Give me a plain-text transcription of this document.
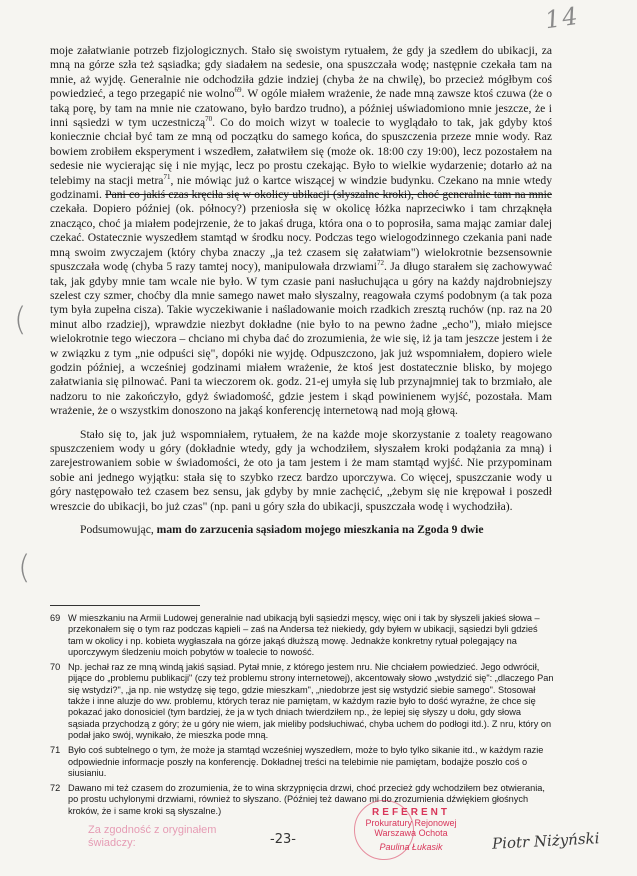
14

moje załatwianie potrzeb fizjologicznych. Stało się swoistym rytuałem, że gdy ja szedłem do ubikacji, za mną na górze szła też sąsiadka; gdy siadałem na sedesie, ona spuszczała wodę; następnie czekała tam na mnie, aż wyjdę. Generalnie nie odchodziła gdzie indziej (chyba że na chwilę), bo przecież mógłbym coś powiedzieć, a tego przegapić nie wolno$^{69}$. W ogóle miałem wrażenie, że nade mną zawsze ktoś czuwa (że o taką porę, by tam na mnie nie czatowano, było bardzo trudno), a później uświadomiono mnie jeszcze, że i inni sąsiedzi w tym uczestniczą$^{70}$. Co do moich wizyt w toalecie to wyglądało to tak, jak gdyby ktoś koniecznie chciał być tam ze mną od początku do samego końca, do spuszczenia przeze mnie wody. Raz bowiem zrobiłem eksperyment i wszedłem, załatwiłem się (może ok. 18:00 czy 19:00), lecz pozostałem na sedesie nie wycierając się i nie myjąc, lecz po prostu czekając. Było to wielkie wydarzenie; dotarło aż na telebimy na stacji metra$^{71}$, nie mówiąc już o kartce wiszącej w windzie budynku. Czekano na mnie wtedy godzinami. Pani co jakiś czas kręciła się w okolicy ubikacji (słyszalne kroki), choć generalnie tam na mnie czekała. Dopiero później (ok. północy?) przeniosła się w okolicę łóżka naprzeciwko i tam chrząknęła znacząco, choć ja miałem podejrzenie, że to jakaś druga, która ona o to poprosiła, sama mając zamiar dalej czekać. Ostatecznie wyszedłem stamtąd w środku nocy. Podczas tego wielogodzinnego czekania pani nade mną swoim zwyczajem (który chyba znaczy „ja też czasem się załatwiam") wielokrotnie bezsensownie spuszczała wodę (chyba 5 razy tamtej nocy), manipulowała drzwiami$^{72}$. Ja długo starałem się zachowywać tak, jak gdyby mnie tam wcale nie było. W tym czasie pani nasłuchująca u góry na każdy najdrobniejszy szelest czy szmer, choćby dla mnie samego nawet mało słyszalny, reagowała czymś podobnym (a tak poza tym była zupełna cisza). Takie wyczekiwanie i naśladowanie moich rzadkich zresztą ruchów (np. raz na 20 minut albo rzadziej), wprawdzie niezbyt dokładne (nie było to na pewno żadne „echo"), miało miejsce wielokrotnie tego wieczora – chciano mi chyba dać do zrozumienia, że wie się, iż ja tam jeszcze jestem i że w związku z tym „nie odpuści się", dopóki nie wyjdę. Odpuszczono, jak już wspomniałem, dopiero wiele godzin później, a wcześniej godzinami miałem wrażenie, że ktoś jest dostatecznie blisko, by mojego załatwiania się pilnować. Pani ta wieczorem ok. godz. 21-ej umyła się lub przynajmniej tak to brzmiało, ale nadzoru to nie zakończyło, gdyż świadomość, gdzie jestem i skąd powinienem wyjść, pozostała. Mam wrażenie, że o wszystkim donoszono na jakąś konferencję internetową nad moją głową.

Stało się to, jak już wspomniałem, rytuałem, że na każde moje skorzystanie z toalety reagowano spuszczeniem wody u góry (dokładnie wtedy, gdy ja wchodziłem, słyszałem kroki podążania za mną) i zarejestrowaniem sobie w świadomości, że oto ja tam jestem i że mam stamtąd wyjść. Nie przypominam sobie ani jednego wyjątku: stała się to szybko rzecz bardzo uporczywa. Co więcej, spuszczanie wody u góry następowało też czasem bez sensu, jak gdyby by mnie zachęcić, „żebym się nie krępował i poszedł wreszcie do ubikacji, bo już czas" (np. pani u góry szła do ubikacji, spuszczała wodę i wychodziła).

Podsumowując, mam do zarzucenia sąsiadom mojego mieszkania na Zgoda 9 dwie

(
(
69 W mieszkaniu na Armii Ludowej generalnie nad ubikacją byli sąsiedzi męscy, więc oni i tak by słyszeli jakieś słowa – przekonałem się o tym raz podczas kąpieli – zaś na Andersa też niekiedy, gdy byłem w ubikacji, sąsiedzi byli gdzieś tam w okolicy i np. kobieta wygłaszała na górze jakąś dłuższą mowę. Jednakże konkretny rytuał polegający na uporczywym śledzeniu moich pobytów w toalecie to nowość.
70 Np. jechał raz ze mną windą jakiś sąsiad. Pytał mnie, z którego jestem nru. Nie chciałem powiedzieć. Jego odwrócił, pijące do „problemu publikacji" (czy też problemu strony internetowej), akcentowały słowo „wstydzić się": „dlaczego Pan się wstydzi?", „ja np. nie wstydzę się tego, gdzie mieszkam", „niedobrze jest się wstydzić siebie samego". Stosował także i inne aluzje do ww. problemu, których teraz nie pamiętam, w każdym razie było to dość wyraźne, że chce się pokazać jako donosiciel (tym bardziej, że ja w tych dniach twierdziłem np., że lepiej się słyszy u dołu, gdy słowa sąsiada przychodzą z góry; że u góry nie wiem, jak mieliby podsłuchiwać, chyba uchem do podłogi itd.). Z nru, który on podał jako swój, wynikało, że mieszka pode mną.
71 Było coś subtelnego o tym, że może ja stamtąd wcześniej wyszedłem, może to było tylko sikanie itd., w każdym razie odpowiednie informacje poszły na konferencję. Dokładnej treści na telebimie nie pamiętam, bodajże poszło coś o siusianiu.
72 Dawano mi też czasem do zrozumienia, że to wina skrzypnięcia drzwi, choć przecież gdy wchodziłem bez otwierania, po prostu uchylonymi drzwiami, również to słyszano. (Później też dawano mi do zrozumienia dźwiękiem głośnych kroków, że i same kroki są słyszalne.)
Za zgodność z oryginałem świadczy:	-23-
REFERENT
Prokuratury Rejonowej
Warszawa Ochota
Paulina Łukasik	Piotr Niżyński
